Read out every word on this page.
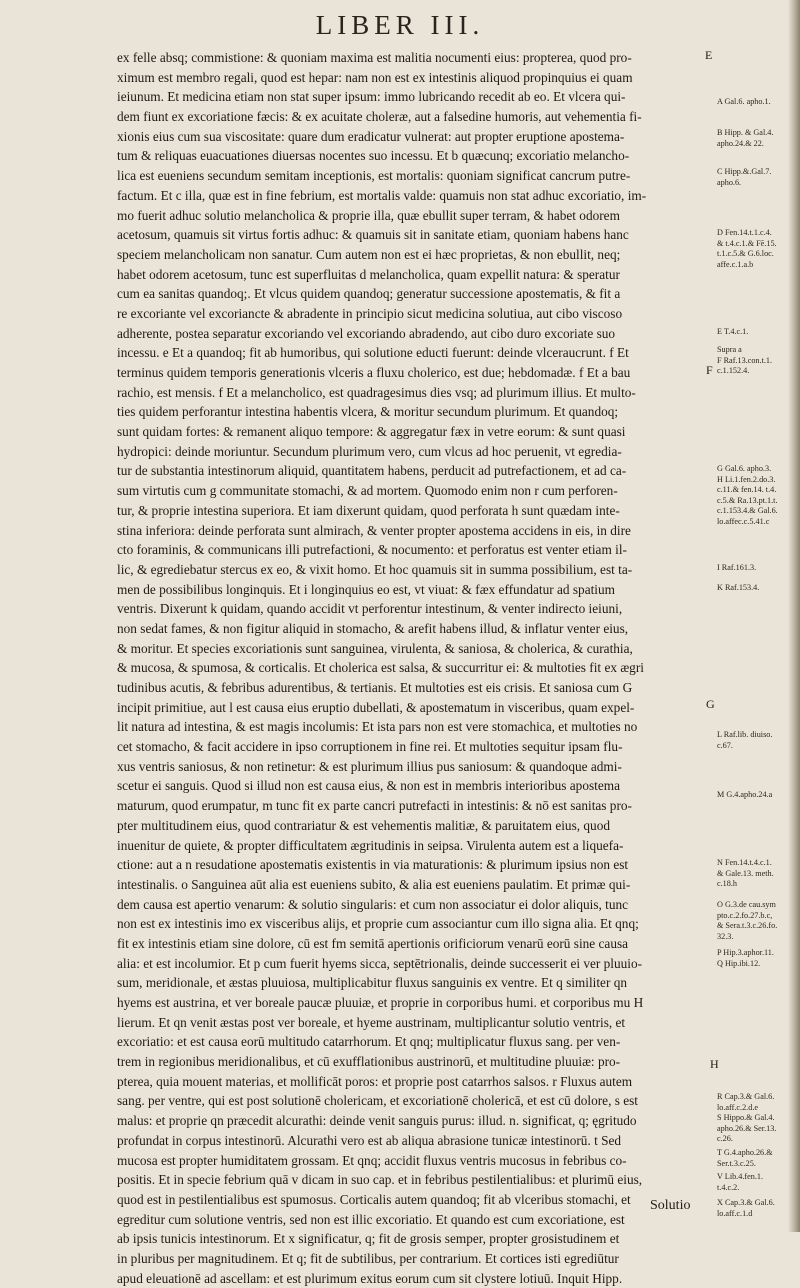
LIBER III.
ex felle absq; commistione: & quoniam maxima est malitia nocumenti eius: propterea, quod pro-
ximum est membro regali, quod est hepar: nam non est ex intestinis aliquod propinquius ei quam
ieiunum. Et medicina etiam non stat super ipsum: immo lubricando recedit ab eo. Et vlcera qui-
dem fiunt ex excoriatione fæcis: & ex acuitate choleræ, aut a falsedine humoris, aut vehementia fi-
xionis eius cum sua viscositate: quare dum eradicatur vulnerat: aut propter eruptione apostema-
tum & reliquas euacuationes diuersas nocentes suo incessu. Et b quæcunq; excoriatio melancho-
lica est eueniens secundum semitam inceptionis, est mortalis: quoniam significat cancrum putre-
factum. Et c illa, quæ est in fine febrium, est mortalis valde: quamuis non stat adhuc excoriatio, im-
mo fuerit adhuc solutio melancholica & proprie illa, quæ ebullit super terram, & habet odorem
acetosum, quamuis sit virtus fortis adhuc: & quamuis sit in sanitate etiam, quoniam habens hanc
speciem melancholicam non sanatur. Cum autem non est ei hæc proprietas, & non ebullit, neq;
habet odorem acetosum, tunc est superfluitas d melancholica, quam expellit natura: & speratur
cum ea sanitas quandoq;. Et vlcus quidem quandoq; generatur successione apostematis, & fit a
re excoriante vel excoriancte & abradente in principio sicut medicina solutiua, aut cibo viscoso
adherente, postea separatur excoriando vel excoriando abradendo, aut cibo duro excoriate suo
incessu. e Et a quandoq; fit ab humoribus, qui solutione educti fuerunt: deinde vlceraucrunt. f Et
terminus quidem temporis generationis vlceris a fluxu cholerico, est due; hebdomadæ. f Et a bau
rachio, est mensis. f Et a melancholico, est quadragesimus dies vsq; ad plurimum illius. Et multo-
ties quidem perforantur intestina habentis vlcera, & moritur secundum plurimum. Et quandoq;
sunt quidam fortes: & remanent aliquo tempore: & aggregatur fæx in vetre eorum: & sunt quasi
hydropici: deinde moriuntur. Secundum plurimum vero, cum vlcus ad hoc peruenit, vt egredia-
tur de substantia intestinorum aliquid, quantitatem habens, perducit ad putrefactionem, et ad ca-
sum virtutis cum g communitate stomachi, & ad mortem. Quomodo enim non r cum perforen-
tur, & proprie intestina superiora. Et iam dixerunt quidam, quod perforata h sunt quædam inte-
stina inferiora: deinde perforata sunt almirach, & venter propter apostema accidens in eis, in dire
cto foraminis, & communicans illi putrefactioni, & nocumento: et perforatus est venter etiam il-
lic, & egrediebatur stercus ex eo, & vixit homo. Et hoc quamuis sit in summa possibilium, est ta-
men de possibilibus longinquis. Et i longinquius eo est, vt viuat: & fæx effundatur ad spatium
ventris. Dixerunt k quidam, quando accidit vt perforentur intestinum, & venter indirecto ieiuni,
non sedat fames, & non figitur aliquid in stomacho, & arefit habens illud, & inflatur venter eius,
& moritur. Et species excoriationis sunt sanguinea, virulenta, & saniosa, & cholerica, & curathia,
& mucosa, & spumosa, & corticalis. Et cholerica est salsa, & succurritur ei: & multoties fit ex ægri
tudinibus acutis, & febribus adurentibus, & tertianis. Et multoties est eis crisis. Et saniosa cum G
incipit primitiue, aut l est causa eius eruptio dubellati, & apostematum in visceribus, quam expel-
lit natura ad intestina, & est magis incolumis: Et ista pars non est vere stomachica, et multoties no
cet stomacho, & facit accidere in ipso corruptionem in fine rei. Et multoties sequitur ipsam flu-
xus ventris saniosus, & non retinetur: & est plurimum illius pus saniosum: & quandoque admi-
scetur ei sanguis. Quod si illud non est causa eius, & non est in membris interioribus apostema
maturum, quod erumpatur, m tunc fit ex parte cancri putrefacti in intestinis: & nō est sanitas pro-
pter multitudinem eius, quod contrariatur & est vehementis malitiæ, & paruitatem eius, quod
inuenitur de quiete, & propter difficultatem ægritudinis in seipsa. Virulenta autem est a liquefa-
ctione: aut a n resudatione apostematis existentis in via maturationis: & plurimum ipsius non est
intestinalis. o Sanguinea aūt alia est eueniens subito, & alia est eueniens paulatim. Et primæ qui-
dem causa est apertio venarum: & solutio singularis: et cum non associatur ei dolor aliquis, tunc
non est ex intestinis imo ex visceribus alijs, et proprie cum associantur cum illo signa alia. Et qnq;
fit ex intestinis etiam sine dolore, cū est fm semitā apertionis orificiorum venarū eorū sine causa
alia: et est incolumior. Et p cum fuerit hyems sicca, septētrionalis, deinde successerit ei ver pluuio-
sum, meridionale, et æstas pluuiosa, multiplicabitur fluxus sanguinis ex ventre. Et q similiter qn
hyems est austrina, et ver boreale paucæ pluuiæ, et proprie in corporibus humi. et corporibus mu H
lierum. Et qn venit æstas post ver boreale, et hyeme austrinam, multiplicantur solutio ventris, et
excoriatio: et est causa eorū multitudo catarrhorum. Et qnq; multiplicatur fluxus sang. per ven-
trem in regionibus meridionalibus, et cū exufflationibus austrinorū, et multitudine pluuiæ: pro-
pterea, quia mouent materias, et mollificāt poros: et proprie post catarrhos salsos. r Fluxus autem
sang. per ventre, qui est post solutionē cholericam, et excoriationē cholericā, et est cū dolore, s est
malus: et proprie qn præcedit alcurathi: deinde venit sanguis purus: illud. n. significat, q; ęgritudo
profundat in corpus intestinorū. Alcurathi vero est ab aliqua abrasione tunicæ intestinorū. t Sed
mucosa est propter humiditatem grossam. Et qnq; accidit fluxus ventris mucosus in febribus co-
positis. Et in specie febrium quā v dicam in suo cap. et in febribus pestilentialibus: et plurimū eius,
quod est in pestilentialibus est spumosus. Corticalis autem quandoq; fit ab vlceribus stomachi, et
egreditur cum solutione ventris, sed non est illic excoriatio. Et quando est cum excoriatione, est
ab ipsis tunicis intestinorum. Et x significatur, q; fit de grosis semper, propter grosistudinem et
in pluribus per magnitudinem. Et q; fit de subtilibus, per contrarium. Et cortices isti egrediūtur
apud eleuationē ad ascellam: et est plurimum exitus eorum cum sit clystere lotiuū. Inquit Hipp.
E
F
G
H
A Gal.6. apho.1.
B Hipp. & Gal.4.
apho.24.& 22.
C Hipp.&.Gal.7.
apho.6.
D Fen.14.t.1.c.4.
& t.4.c.1.& Fē.15.
t.1.c.5.& G.6.loc.
affe.c.1.a.b
E T.4.c.1.
Supra a
F Raf.13.con.t.1.
c.1.152.4.
G Gal.6. apho.3.
H Li.1.fen.2.do.3.
c.11.& fen.14. t.4.
c.5.& Ra.13.pt.1.t.
c.1.153.4.& Gal.6.
lo.affec.c.5.41.c
I Raf.161.3.
K Raf.153.4.
L Raf.lib. diuiso.
c.67.
M G.4.apho.24.a
N Fen.14.t.4.c.1.
& Gale.13. meth.
c.18.h
O G.3.de cau.sym
pto.c.2.fo.27.b.c,
& Sera.t.3.c.26.fo.
32.3.
P Hip.3.aphor.11.
Q Hip.ibi.12.
R Cap.3.& Gal.6.
lo.aff.c.2.d.e
S Hippo.& Gal.4.
apho.26.& Ser.13.
c.26.
T G.4.apho.26.&
Ser.t.3.c.25.
V Lib.4.fen.1.
t.4.c.2.
X Cap.3.& Gal.6.
lo.aff.c.1.d
Solutio
